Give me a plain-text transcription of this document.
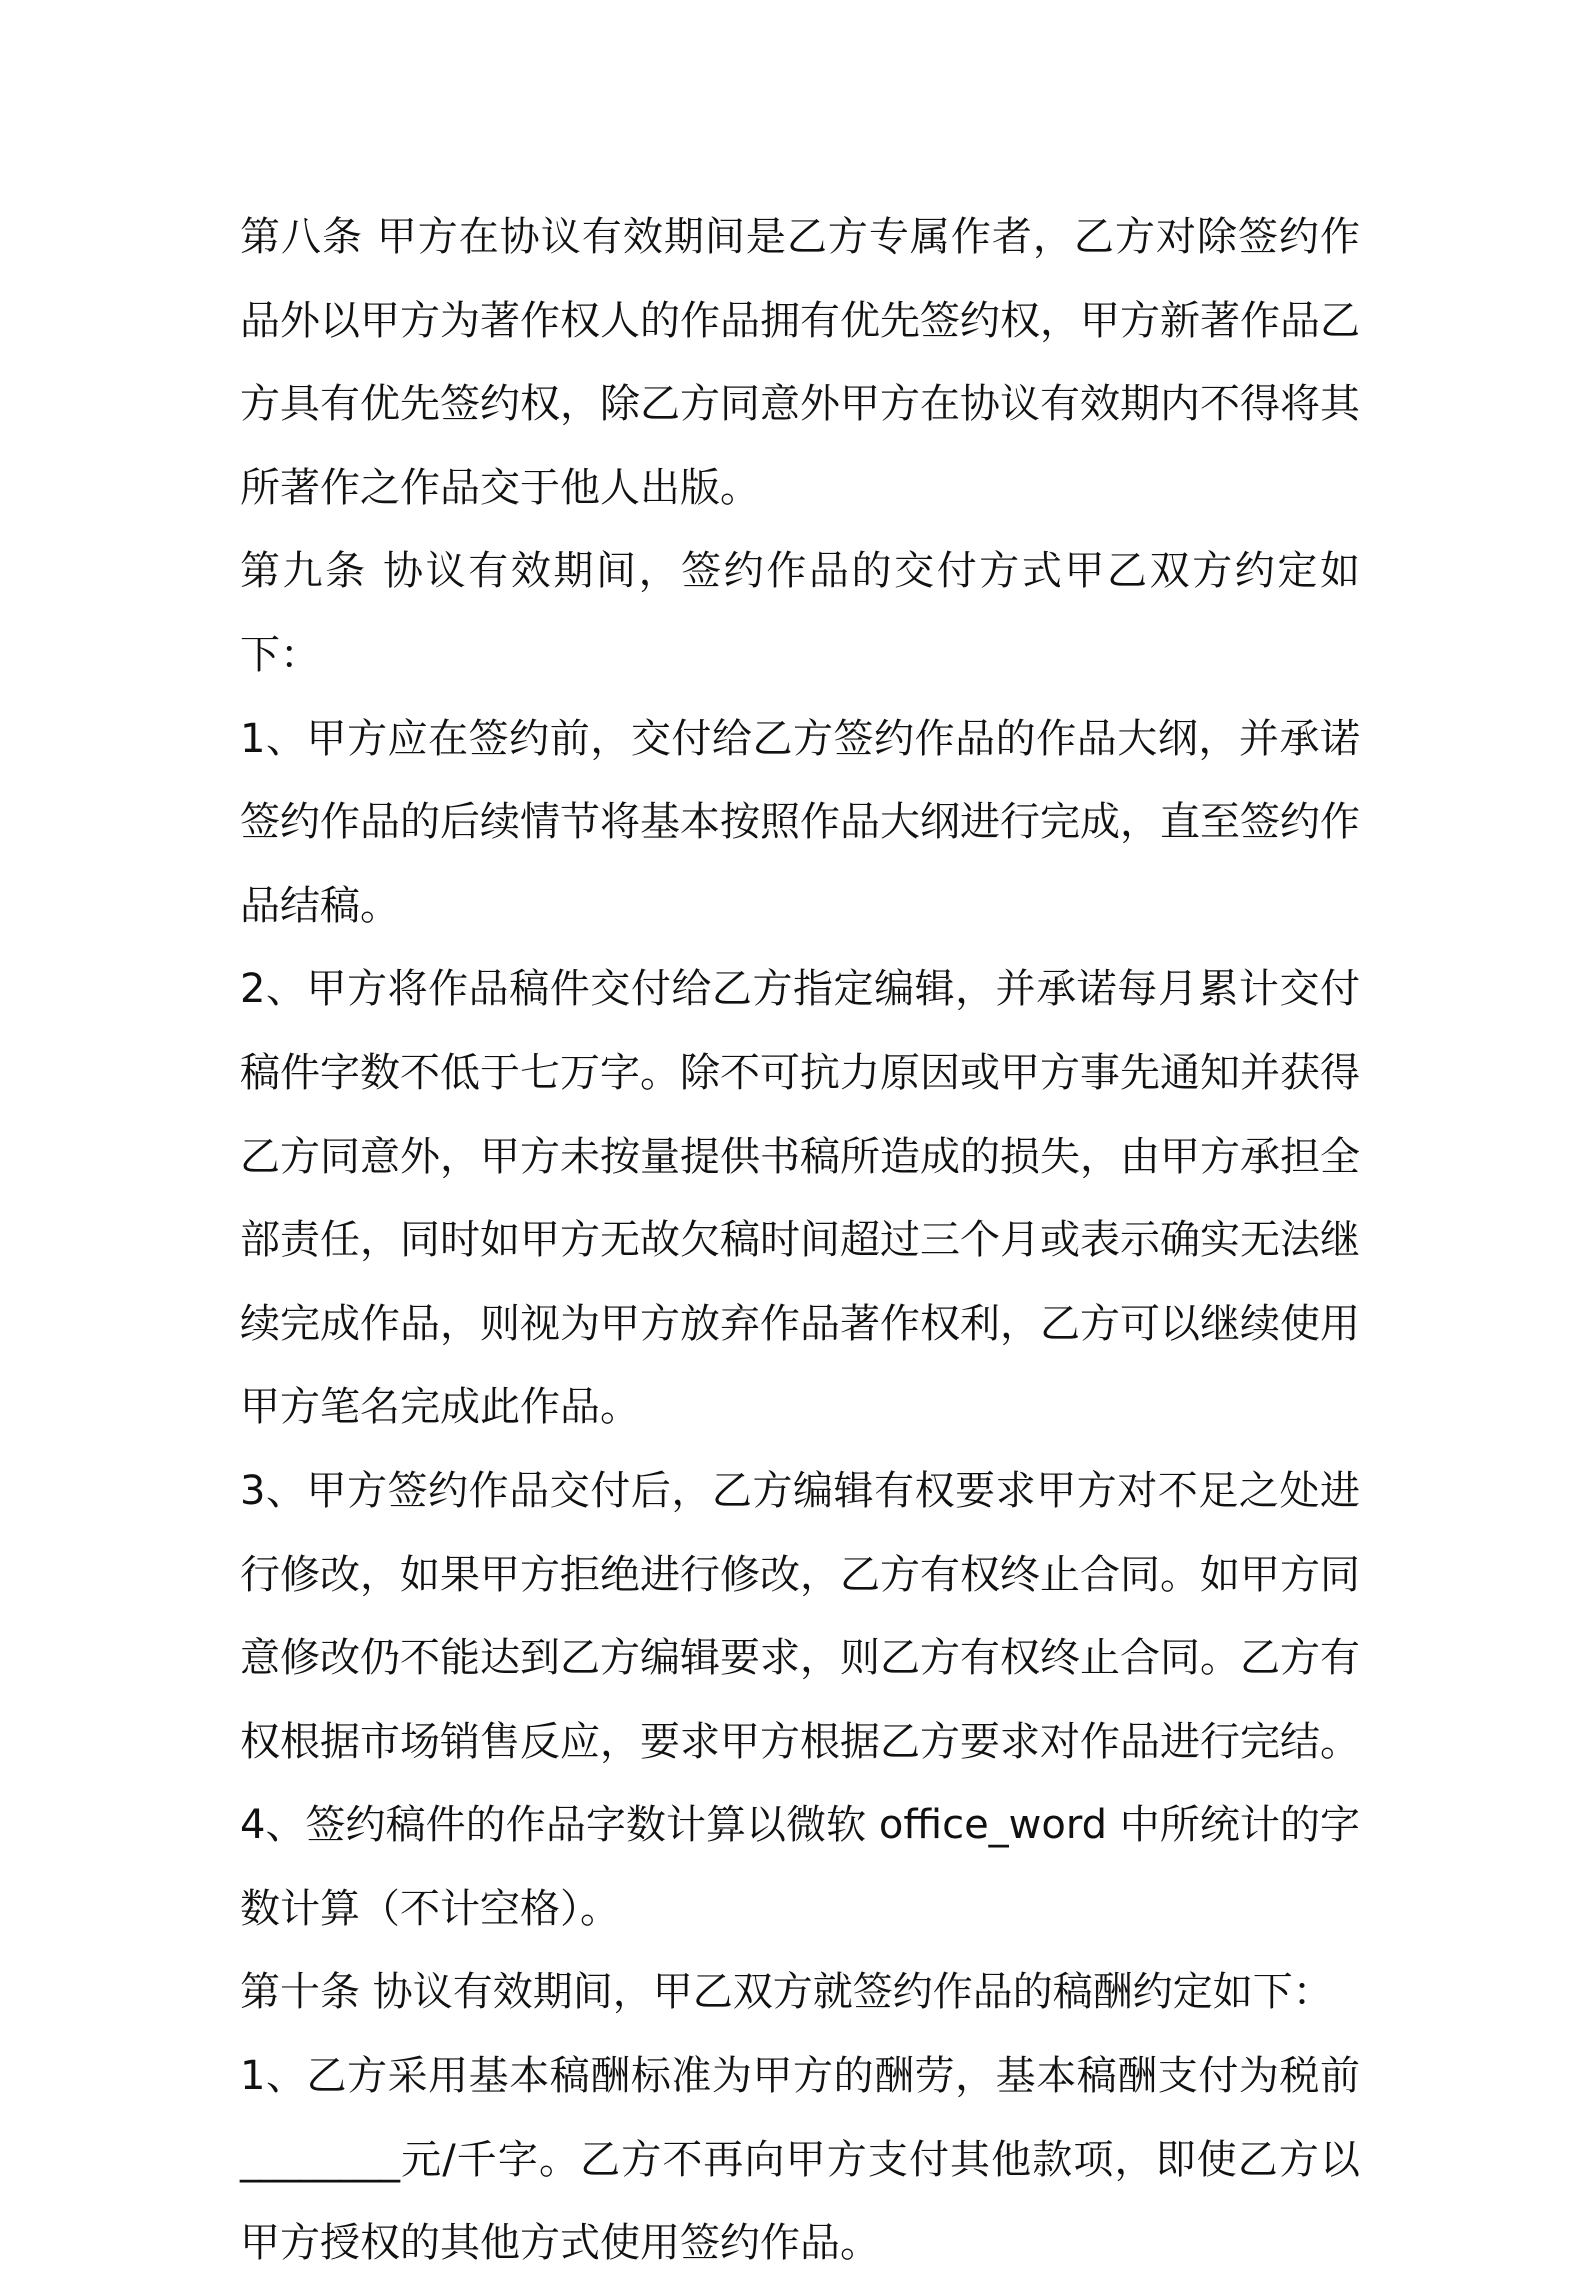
第八条 甲方在协议有效期间是乙方专属作者，乙方对除签约作品外以甲方为著作权人的作品拥有优先签约权，甲方新著作品乙方具有优先签约权，除乙方同意外甲方在协议有效期内不得将其所著作之作品交于他人出版。

第九条 协议有效期间，签约作品的交付方式甲乙双方约定如下：

1、甲方应在签约前，交付给乙方签约作品的作品大纲，并承诺签约作品的后续情节将基本按照作品大纲进行完成，直至签约作品结稿。

2、甲方将作品稿件交付给乙方指定编辑，并承诺每月累计交付稿件字数不低于七万字。除不可抗力原因或甲方事先通知并获得乙方同意外，甲方未按量提供书稿所造成的损失，由甲方承担全部责任，同时如甲方无故欠稿时间超过三个月或表示确实无法继续完成作品，则视为甲方放弃作品著作权利，乙方可以继续使用甲方笔名完成此作品。

3、甲方签约作品交付后，乙方编辑有权要求甲方对不足之处进行修改，如果甲方拒绝进行修改，乙方有权终止合同。如甲方同意修改仍不能达到乙方编辑要求，则乙方有权终止合同。乙方有权根据市场销售反应，要求甲方根据乙方要求对作品进行完结。

4、签约稿件的作品字数计算以微软 office_word 中所统计的字数计算（不计空格）。

第十条 协议有效期间，甲乙双方就签约作品的稿酬约定如下：

1、乙方采用基本稿酬标准为甲方的酬劳，基本稿酬支付为税前________元/千字。乙方不再向甲方支付其他款项，即使乙方以甲方授权的其他方式使用签约作品。
